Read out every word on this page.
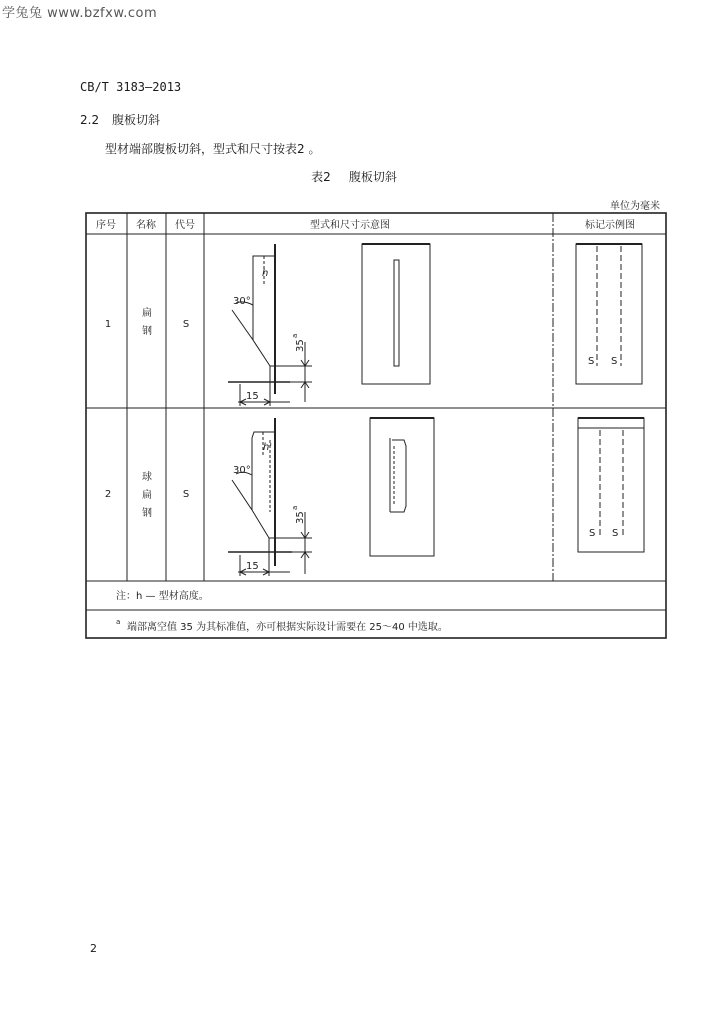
学兔兔 www.bzfxw.com
CB/T 3183—2013
2.2 腹板切斜
型材端部腹板切斜，型式和尺寸按表2 。
表2 腹板切斜
单位为毫米
序号 名称 代号	型式和尺寸示意图	标记示例图
1
扁
钢
S
h
30°
15
35
a
S S
2
球
扁
钢
S
h'
30°
15
35
a
S S
注：h — 型材高度。
a 端部离空值 35 为其标准值，亦可根据实际设计需要在 25～40 中选取。
2
